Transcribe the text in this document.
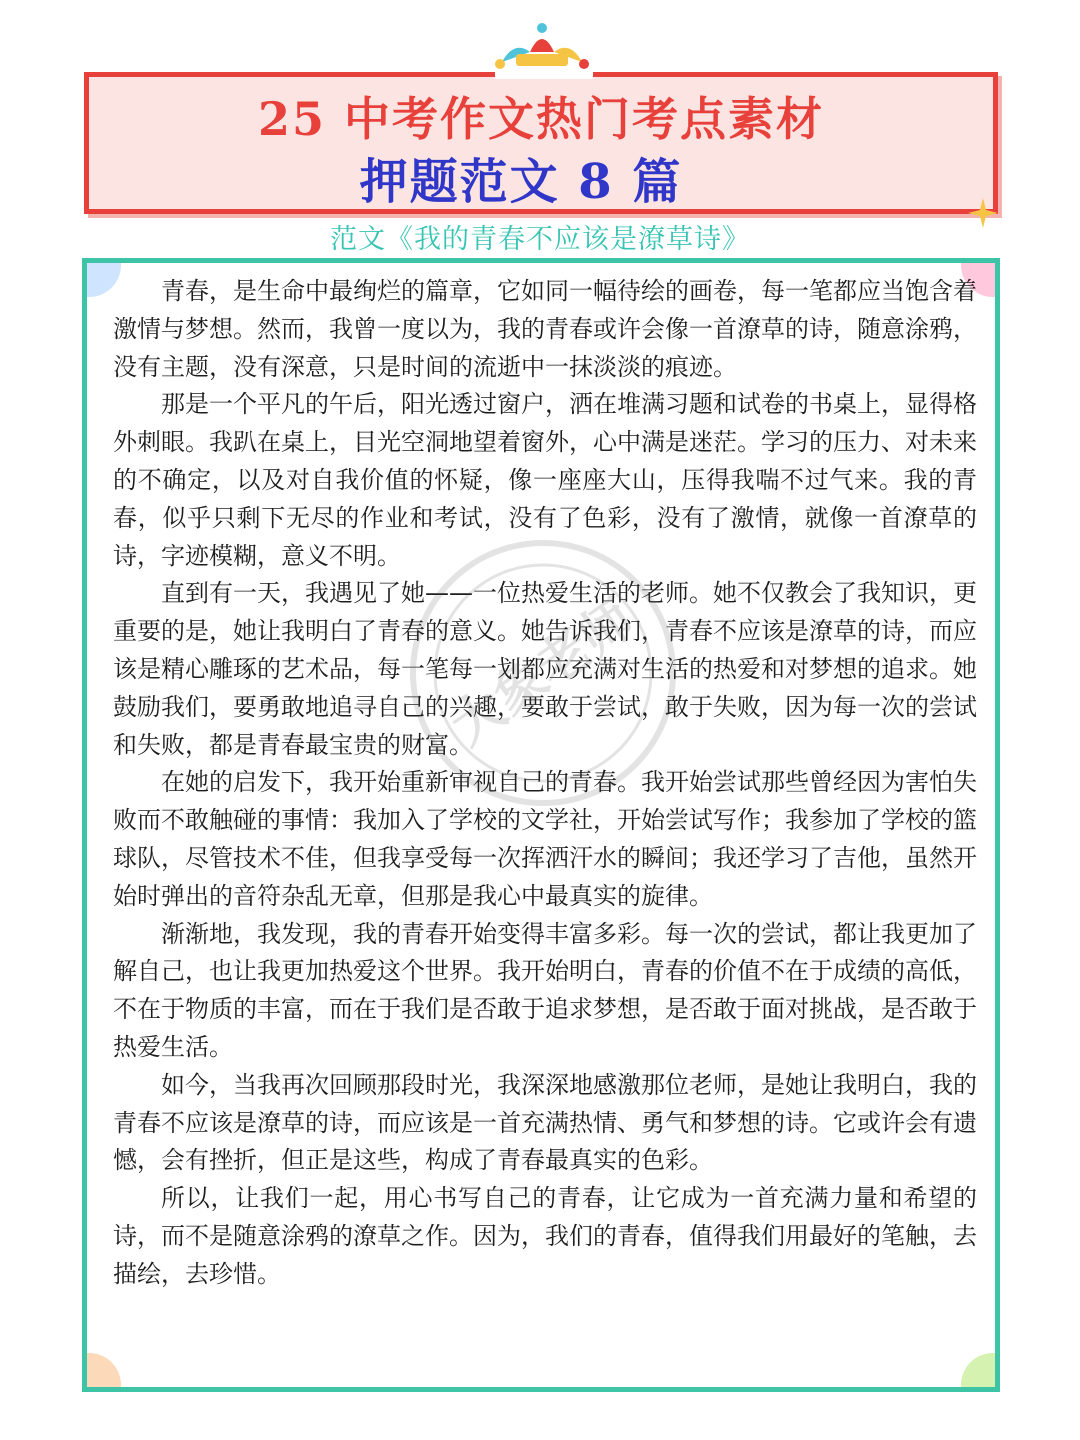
25 中考作文热门考点素材
押题范文 8 篇
范文《我的青春不应该是潦草诗》

青春，是生命中最绚烂的篇章，它如同一幅待绘的画卷，每一笔都应当饱含着激情与梦想。然而，我曾一度以为，我的青春或许会像一首潦草的诗，随意涂鸦，没有主题，没有深意，只是时间的流逝中一抹淡淡的痕迹。

那是一个平凡的午后，阳光透过窗户，洒在堆满习题和试卷的书桌上，显得格外刺眼。我趴在桌上，目光空洞地望着窗外，心中满是迷茫。学习的压力、对未来的不确定，以及对自我价值的怀疑，像一座座大山，压得我喘不过气来。我的青春，似乎只剩下无尽的作业和考试，没有了色彩，没有了激情，就像一首潦草的诗，字迹模糊，意义不明。

直到有一天，我遇见了她——一位热爱生活的老师。她不仅教会了我知识，更重要的是，她让我明白了青春的意义。她告诉我们，青春不应该是潦草的诗，而应该是精心雕琢的艺术品，每一笔每一划都应充满对生活的热爱和对梦想的追求。她鼓励我们，要勇敢地追寻自己的兴趣，要敢于尝试，敢于失败，因为每一次的尝试和失败，都是青春最宝贵的财富。

在她的启发下，我开始重新审视自己的青春。我开始尝试那些曾经因为害怕失败而不敢触碰的事情：我加入了学校的文学社，开始尝试写作；我参加了学校的篮球队，尽管技术不佳，但我享受每一次挥洒汗水的瞬间；我还学习了吉他，虽然开始时弹出的音符杂乱无章，但那是我心中最真实的旋律。

渐渐地，我发现，我的青春开始变得丰富多彩。每一次的尝试，都让我更加了解自己，也让我更加热爱这个世界。我开始明白，青春的价值不在于成绩的高低，不在于物质的丰富，而在于我们是否敢于追求梦想，是否敢于面对挑战，是否敢于热爱生活。

如今，当我再次回顾那段时光，我深深地感激那位老师，是她让我明白，我的青春不应该是潦草的诗，而应该是一首充满热情、勇气和梦想的诗。它或许会有遗憾，会有挫折，但正是这些，构成了青春最真实的色彩。

所以，让我们一起，用心书写自己的青春，让它成为一首充满力量和希望的诗，而不是随意涂鸦的潦草之作。因为，我们的青春，值得我们用最好的笔触，去描绘，去珍惜。
